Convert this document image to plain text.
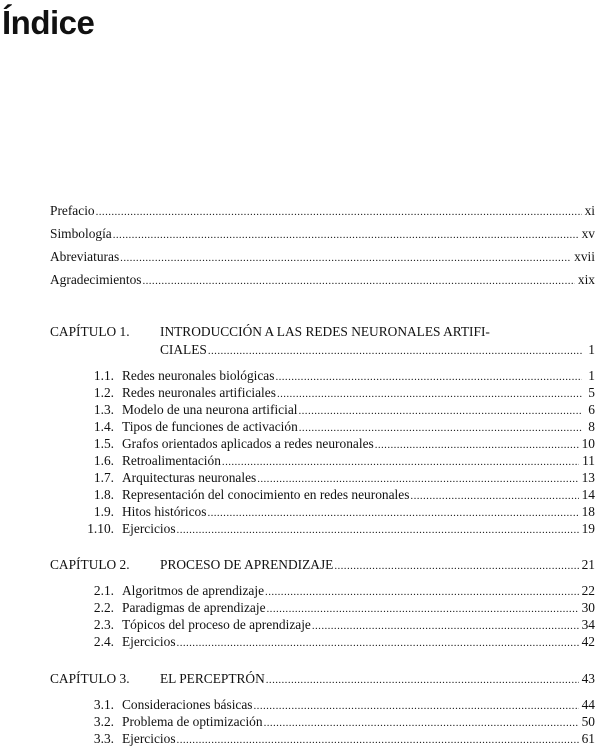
Índice
Prefacio .....	xi
Simbología .....	xv
Abreviaturas .....	xvii
Agradecimientos .....	xix
CAPÍTULO 1. INTRODUCCIÓN A LAS REDES NEURONALES ARTIFI-
CIALES .....	1
1.1. Redes neuronales biológicas .....	1
1.2. Redes neuronales artificiales .....	5
1.3. Modelo de una neurona artificial .....	6
1.4. Tipos de funciones de activación .....	8
1.5. Grafos orientados aplicados a redes neuronales .....	10
1.6. Retroalimentación .....	11
1.7. Arquitecturas neuronales .....	13
1.8. Representación del conocimiento en redes neuronales .....	14
1.9. Hitos históricos .....	18
1.10. Ejercicios .....	19
CAPÍTULO 2.	PROCESO DE APRENDIZAJE .....	21
2.1. Algoritmos de aprendizaje .....	22
2.2. Paradigmas de aprendizaje .....	30
2.3. Tópicos del proceso de aprendizaje .....	34
2.4. Ejercicios .....	42
CAPÍTULO 3.	EL PERCEPTRÓN .....	43
3.1. Consideraciones básicas .....	44
3.2. Problema de optimización .....	50
3.3. Ejercicios .....	61
